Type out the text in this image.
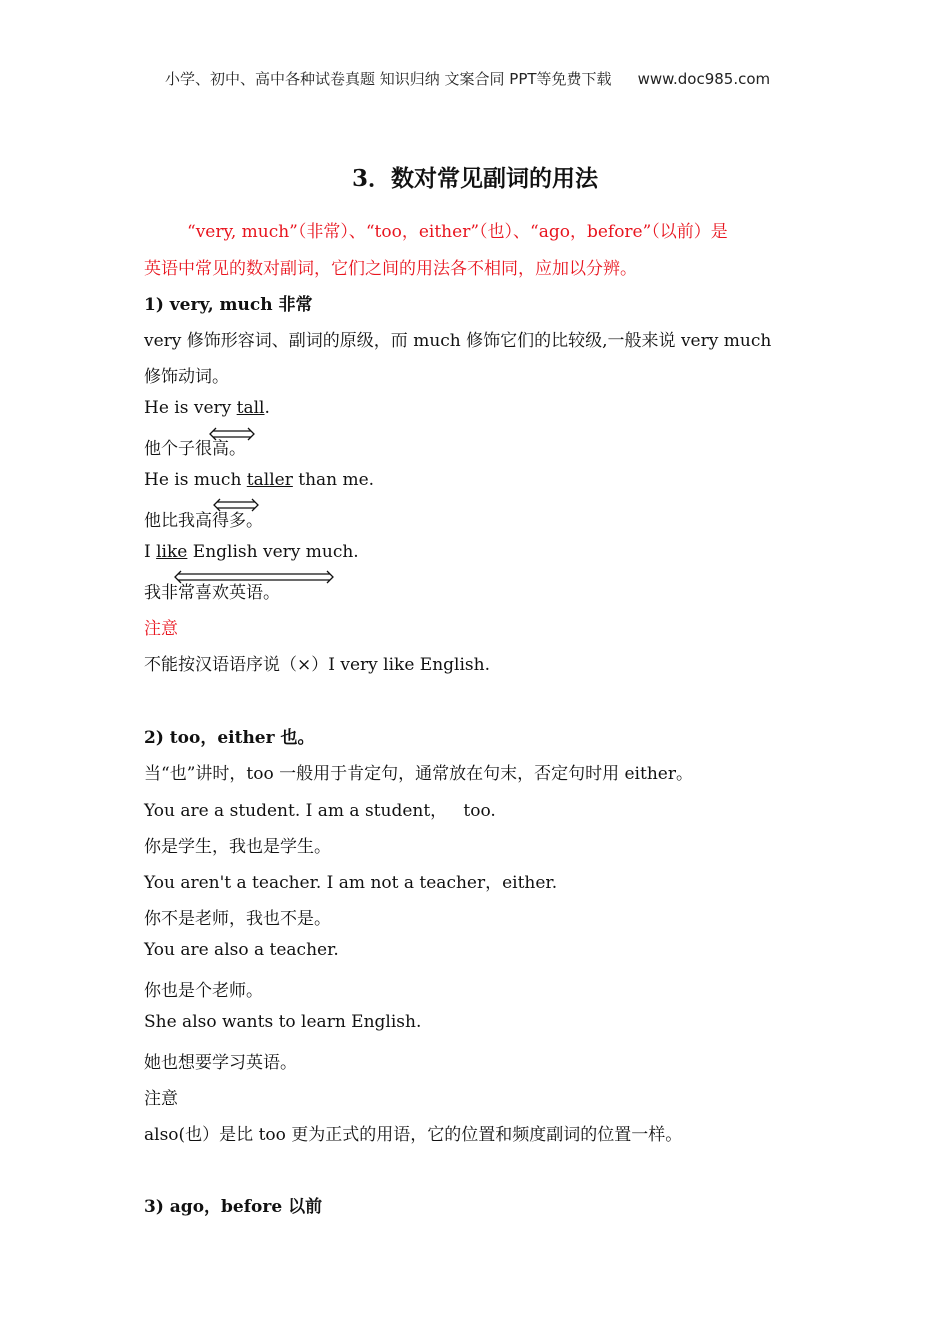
小学、初中、高中各种试卷真题 知识归纳 文案合同 PPT等免费下载 www.doc985.com
3．数对常见副词的用法
“very, much”（非常）、“too，either”（也）、“ago，before”（以前）是
英语中常见的数对副词，它们之间的用法各不相同，应加以分辨。
1) very, much 非常
very 修饰形容词、副词的原级，而 much 修饰它们的比较级,一般来说 very much
修饰动词。
He is very tall.
他个子很高。
He is much taller than me.
他比我高得多。
I like English very much.
我非常喜欢英语。
注意
不能按汉语语序说（×）I very like English.
2) too，either 也。
当“也”讲时，too 一般用于肯定句，通常放在句末，否定句时用 either。
You are a student. I am a student，   too.
你是学生，我也是学生。
You aren't a teacher. I am not a teacher，either.
你不是老师，我也不是。
You are also a teacher.
你也是个老师。
She also wants to learn English.
她也想要学习英语。
注意
also(也）是比 too 更为正式的用语，它的位置和频度副词的位置一样。
3) ago，before 以前
